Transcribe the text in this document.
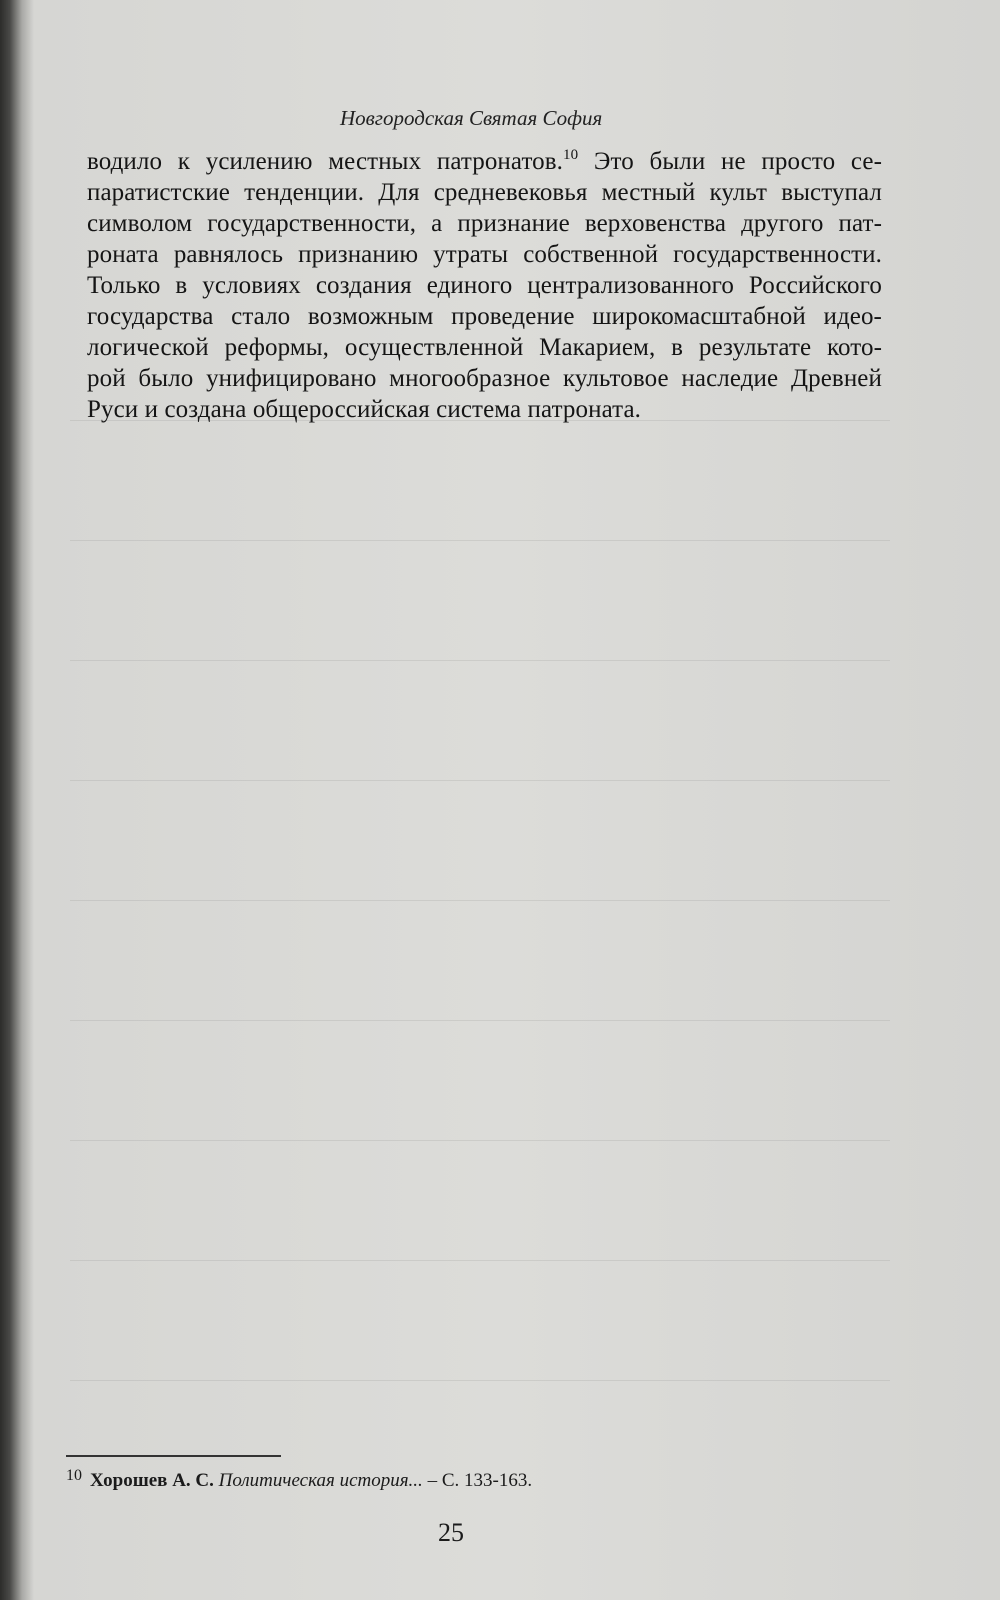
Новгородская Святая София
водило к усилению местных патронатов.$^{10}$ Это были не просто се-
паратистские тенденции. Для средневековья местный культ выступал
символом государственности, а признание верховенства другого пат-
роната равнялось признанию утраты собственной государственности.
Только в условиях создания единого централизованного Российского
государства стало возможным проведение широкомасштабной идео-
логической реформы, осуществленной Макарием, в результате кото-
рой было унифицировано многообразное культовое наследие Древней
Руси и создана общероссийская система патроната.
$^{10}$ Хорошев А. С. Политическая история... – С. 133-163.
25
